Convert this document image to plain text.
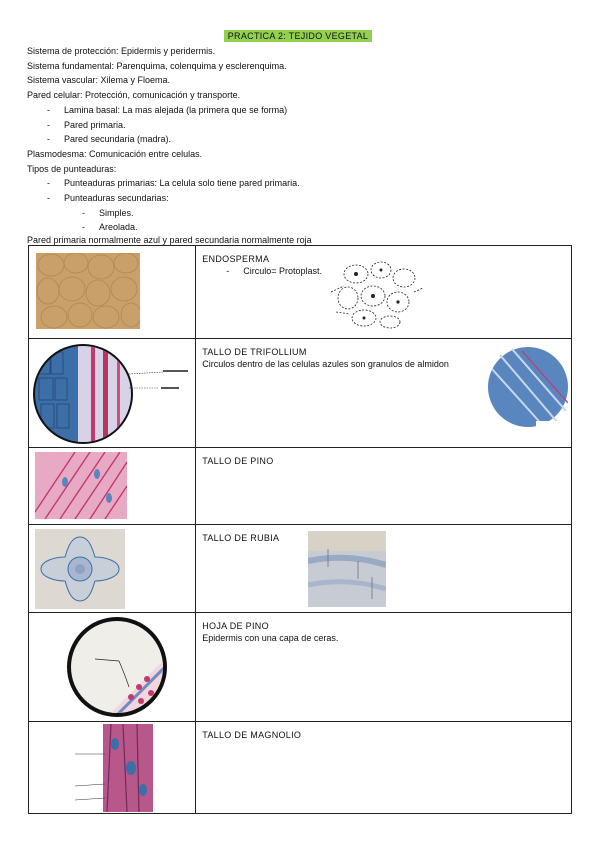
PRACTICA 2: TEJIDO VEGETAL
Sistema de protección: Epidermis y peridermis.
Sistema fundamental: Parenquima, colenquima y esclerenquima.
Sistema vascular: Xilema y Floema.
Pared celular: Protección, comunicación y transporte.
- Lamina basal: La mas alejada (la primera que se forma)
- Pared primaria.
- Pared secundaria (madra).
Plasmodesma: Comunicación entre celulas.
Tipos de punteaduras:
- Punteaduras primarias: La celula solo tiene pared primaria.
- Punteaduras secundarias:
- Simples.
- Areolada.
Pared primaria normalmente azul y pared secundaria normalmente roja

ENDOSPERMA
- Circulo= Protoplast.

TALLO DE TRIFOLLIUM
Circulos dentro de las celulas azules son granulos de almidon

TALLO DE PINO

TALLO DE RUBIA

HOJA DE PINO
Epidermis con una capa de ceras.

TALLO DE MAGNOLIO
